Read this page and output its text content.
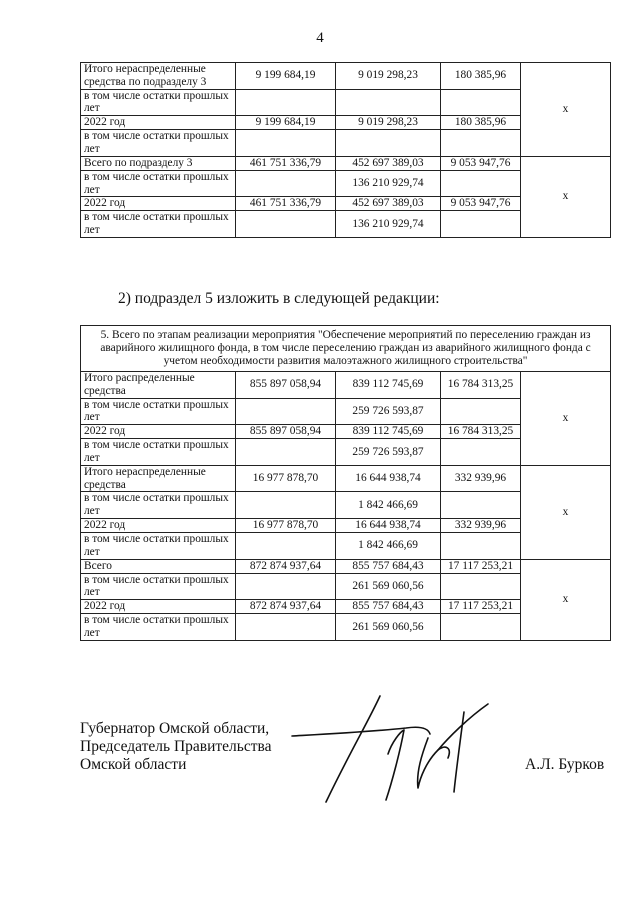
4
Итого нераспределенные средства по подразделу 3	9 199 684,19	9 019 298,23	180 385,96	x
в том числе остатки прошлых лет				
2022 год	9 199 684,19	9 019 298,23	180 385,96	
в том числе остатки прошлых лет				
Всего по подразделу 3	461 751 336,79	452 697 389,03	9 053 947,76	x
в том числе остатки прошлых лет		136 210 929,74		
2022 год	461 751 336,79	452 697 389,03	9 053 947,76	
в том числе остатки прошлых лет		136 210 929,74		
2) подраздел 5 изложить в следующей редакции:
5. Всего по этапам реализации мероприятия "Обеспечение мероприятий по переселению граждан из аварийного жилищного фонда, в том числе переселению граждан из аварийного жилищного фонда с учетом необходимости развития малоэтажного жилищного строительства"				
Итого распределенные средства	855 897 058,94	839 112 745,69	16 784 313,25	x
в том числе остатки прошлых лет		259 726 593,87		
2022 год	855 897 058,94	839 112 745,69	16 784 313,25	
в том числе остатки прошлых лет		259 726 593,87		
Итого нераспределенные средства	16 977 878,70	16 644 938,74	332 939,96	x
в том числе остатки прошлых лет		1 842 466,69		
2022 год	16 977 878,70	16 644 938,74	332 939,96	
в том числе остатки прошлых лет		1 842 466,69		
Всего	872 874 937,64	855 757 684,43	17 117 253,21	x
в том числе остатки прошлых лет		261 569 060,56		
2022 год	872 874 937,64	855 757 684,43	17 117 253,21	
в том числе остатки прошлых лет		261 569 060,56		
Губернатор Омской области,
Председатель Правительства
Омской области	А.Л. Бурков
